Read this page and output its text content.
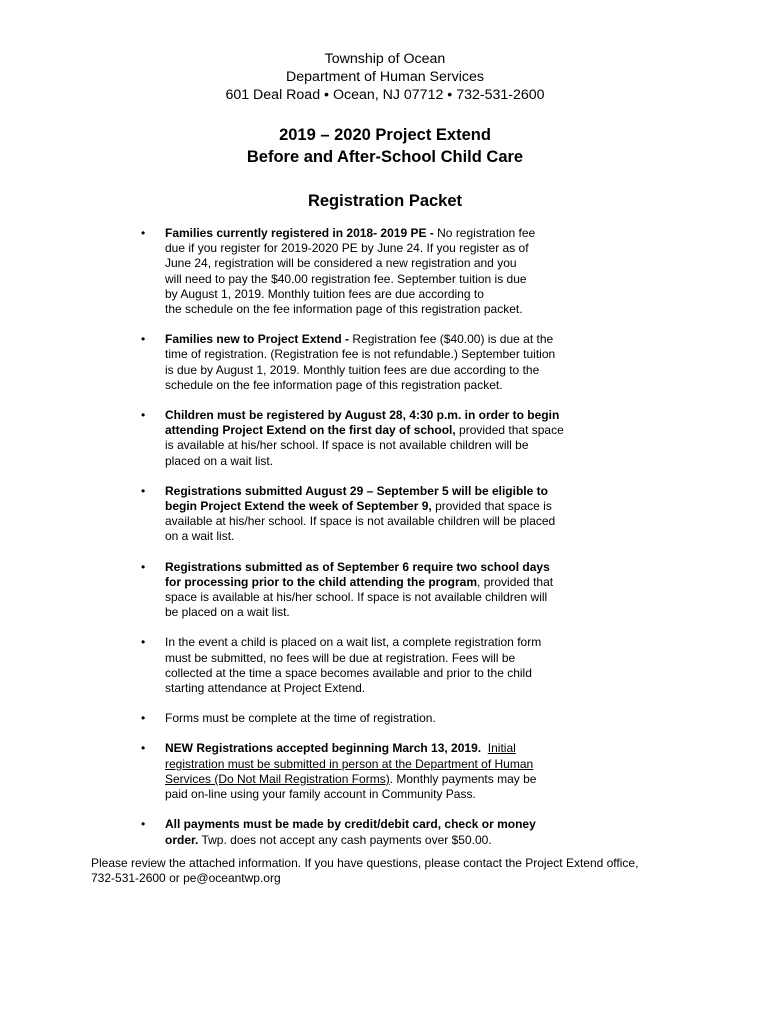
Township of Ocean
Department of Human Services
601 Deal Road • Ocean, NJ 07712 • 732-531-2600
2019 – 2020 Project Extend
Before and After-School Child Care
Registration Packet
• Families currently registered in 2018- 2019 PE - No registration fee
due if you register for 2019-2020 PE by June 24. If you register as of
June 24, registration will be considered a new registration and you
will need to pay the $40.00 registration fee. September tuition is due
by August 1, 2019. Monthly tuition fees are due according to
the schedule on the fee information page of this registration packet.
• Families new to Project Extend - Registration fee ($40.00) is due at the
time of registration. (Registration fee is not refundable.) September tuition
is due by August 1, 2019. Monthly tuition fees are due according to the
schedule on the fee information page of this registration packet.
• Children must be registered by August 28, 4:30 p.m. in order to begin
attending Project Extend on the first day of school, provided that space
is available at his/her school. If space is not available children will be
placed on a wait list.
• Registrations submitted August 29 – September 5 will be eligible to
begin Project Extend the week of September 9, provided that space is
available at his/her school. If space is not available children will be placed
on a wait list.
• Registrations submitted as of September 6 require two school days
for processing prior to the child attending the program, provided that
space is available at his/her school. If space is not available children will
be placed on a wait list.
• In the event a child is placed on a wait list, a complete registration form
must be submitted, no fees will be due at registration. Fees will be
collected at the time a space becomes available and prior to the child
starting attendance at Project Extend.
• Forms must be complete at the time of registration.
• NEW Registrations accepted beginning March 13, 2019. Initial
registration must be submitted in person at the Department of Human
Services (Do Not Mail Registration Forms). Monthly payments may be
paid on-line using your family account in Community Pass.
• All payments must be made by credit/debit card, check or money
order. Twp. does not accept any cash payments over $50.00.
Please review the attached information. If you have questions, please contact the Project Extend office,
732-531-2600 or pe@oceantwp.org
